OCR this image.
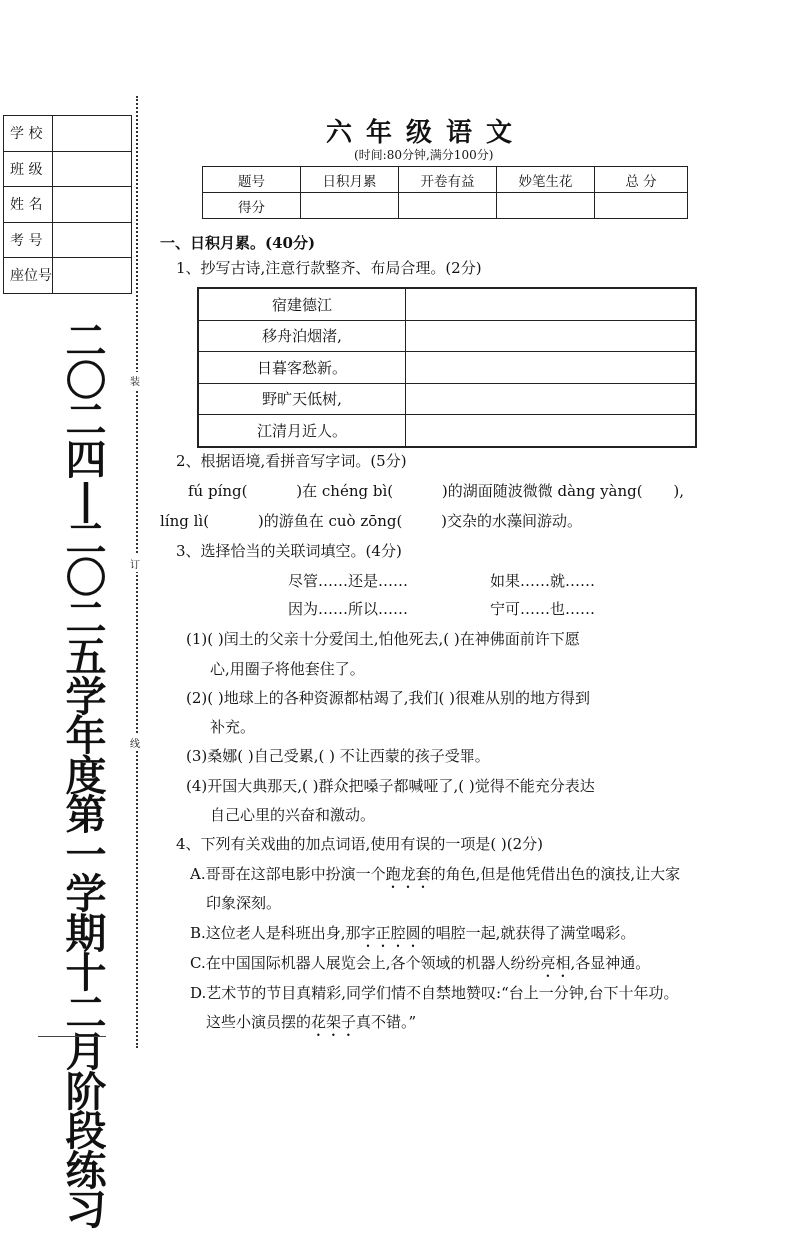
学 校	
班 级	
姓 名	
考 号	
座位号	
二
〇
二
四
|
二
〇
二
五
学
年
度
第
一
学
期
十
二
月
阶
段
练
习
装
订
线
六年级语文
(时间:80分钟,满分100分)
题号	日积月累	开卷有益	妙笔生花	总 分
得分				
一、日积月累。(40分)
1、抄写古诗,注意行款整齐、布局合理。(2分)
宿建德江	
移舟泊烟渚,	
日暮客愁新。	
野旷天低树,	
江清月近人。	
2、根据语境,看拼音写字词。(5分)
fú píng(	)在 chéng bì(	)的湖面随波微微 dàng yàng( ),
líng lì(	)的游鱼在 cuò zōng( )交杂的水藻间游动。
3、选择恰当的关联词填空。(4分)
尽管……还是……	如果……就……
因为……所以……	宁可……也……
(1)( )闰土的父亲十分爱闰土,怕他死去,( )在神佛面前许下愿
心,用圈子将他套住了。
(2)( )地球上的各种资源都枯竭了,我们( )很难从别的地方得到
补充。
(3)桑娜( )自己受累,( ) 不让西蒙的孩子受罪。
(4)开国大典那天,( )群众把嗓子都喊哑了,( )觉得不能充分表达
自己心里的兴奋和激动。
4、下列有关戏曲的加点词语,使用有误的一项是( )(2分)
A.哥哥在这部电影中扮演一个跑龙套的角色,但是他凭借出色的演技,让大家
印象深刻。
B.这位老人是科班出身,那字正腔圆的唱腔一起,就获得了满堂喝彩。
C.在中国国际机器人展览会上,各个领域的机器人纷纷亮相,各显神通。
D.艺术节的节目真精彩,同学们情不自禁地赞叹:“台上一分钟,台下十年功。
这些小演员摆的花架子真不错。”
